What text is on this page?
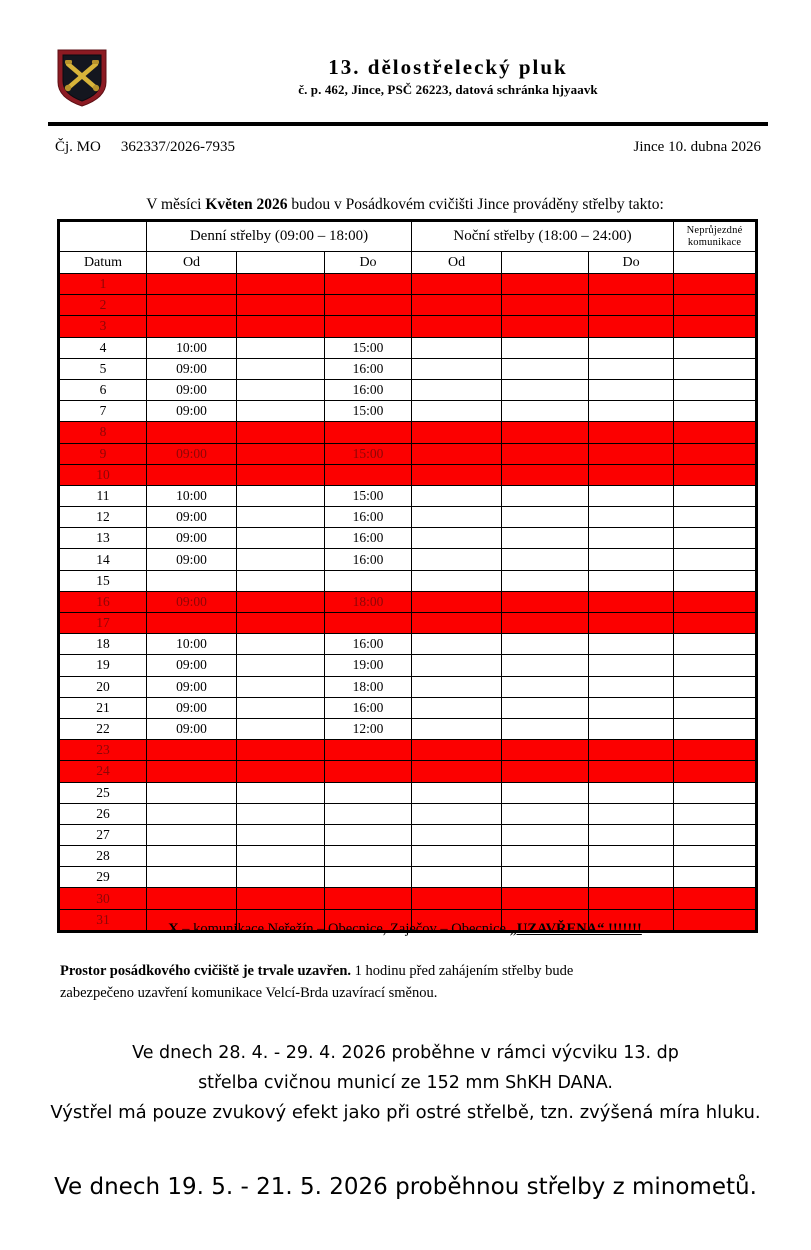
13. dělostřelecký pluk
č. p. 462, Jince, PSČ 26223, datová schránka hjyaavk
Čj. MO 362337/2026-7935	Jince 10. dubna 2026
V měsíci Květen 2026 budou v Posádkovém cvičišti Jince prováděny střelby takto:
	Denní střelby (09:00 – 18:00)			Noční střelby (18:00 – 24:00)			Neprůjezdné komunikace
Datum	Od		Do	Od		Do	
1							
2							
3							
4	10:00		15:00				
5	09:00		16:00				
6	09:00		16:00				
7	09:00		15:00				
8							
9	09:00		15:00				
10							
11	10:00		15:00				
12	09:00		16:00				
13	09:00		16:00				
14	09:00		16:00				
15							
16	09:00		18:00				
17							
18	10:00		16:00				
19	09:00		19:00				
20	09:00		18:00				
21	09:00		16:00				
22	09:00		12:00				
23							
24							
25							
26							
27							
28							
29							
30							
31							
X – komunikace Neřežín – Obecnice, Zaječov – Obecnice „UZAVŘENA“ !!!!!!!
Prostor posádkového cvičiště je trvale uzavřen. 1 hodinu před zahájením střelby bude
zabezpečeno uzavření komunikace Velcí-Brda uzavírací směnou.
Ve dnech 28. 4. - 29. 4. 2026 proběhne v rámci výcviku 13. dp
střelba cvičnou municí ze 152 mm ShKH DANA.
Výstřel má pouze zvukový efekt jako při ostré střelbě, tzn. zvýšená míra hluku.
Ve dnech 19. 5. - 21. 5. 2026 proběhnou střelby z minometů.
